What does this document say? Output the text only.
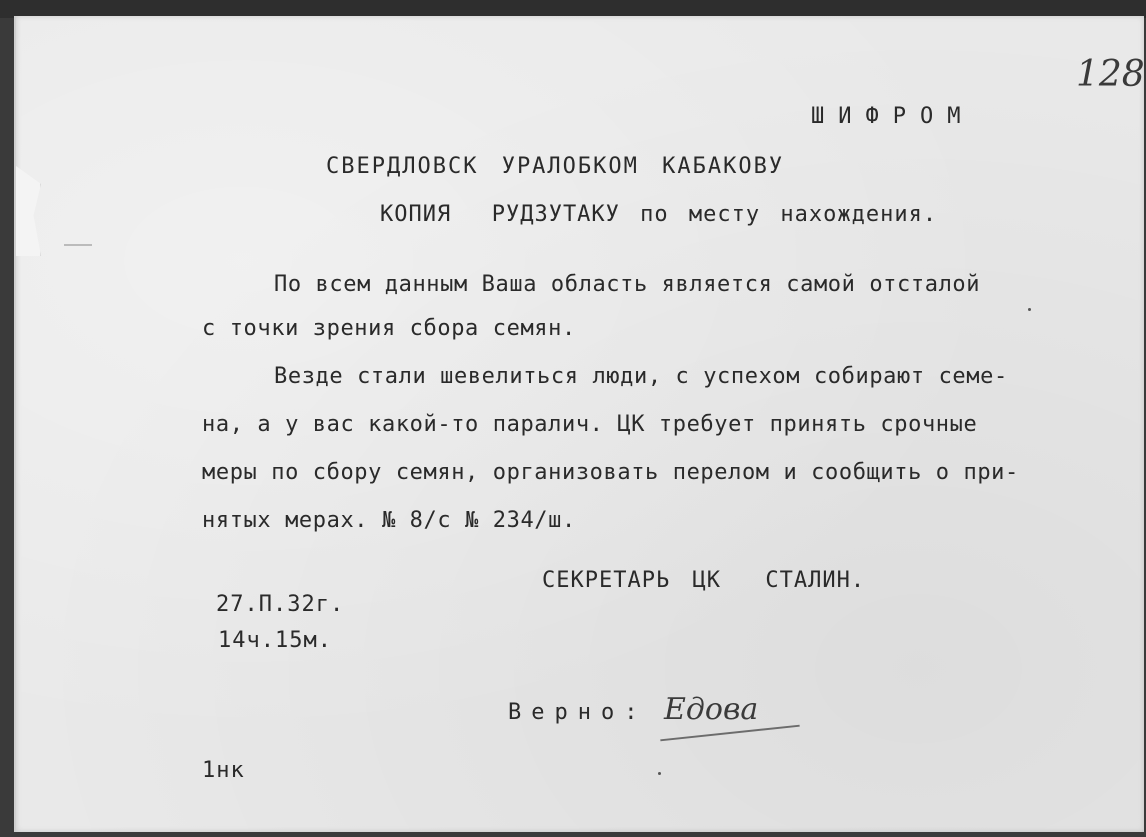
128
ШИФРОМ
СВЕРДЛОВСК УРАЛОБКОМ КАБАКОВУ
КОПИЯ  РУДЗУТАКУ по месту нахождения.
По всем данным Ваша область является самой отсталой
с точки зрения сбора семян.
Везде стали шевелиться люди, с успехом собирают семе-
на, а у вас какой-то паралич. ЦК требует принять срочные
меры по сбору семян, организовать перелом и сообщить о при-
нятых мерах. № 8/с № 234/ш.
СЕКРЕТАРЬ ЦК  СТАЛИН.
27.П.32г.
14ч.15м.
Верно: Едова
1нк
